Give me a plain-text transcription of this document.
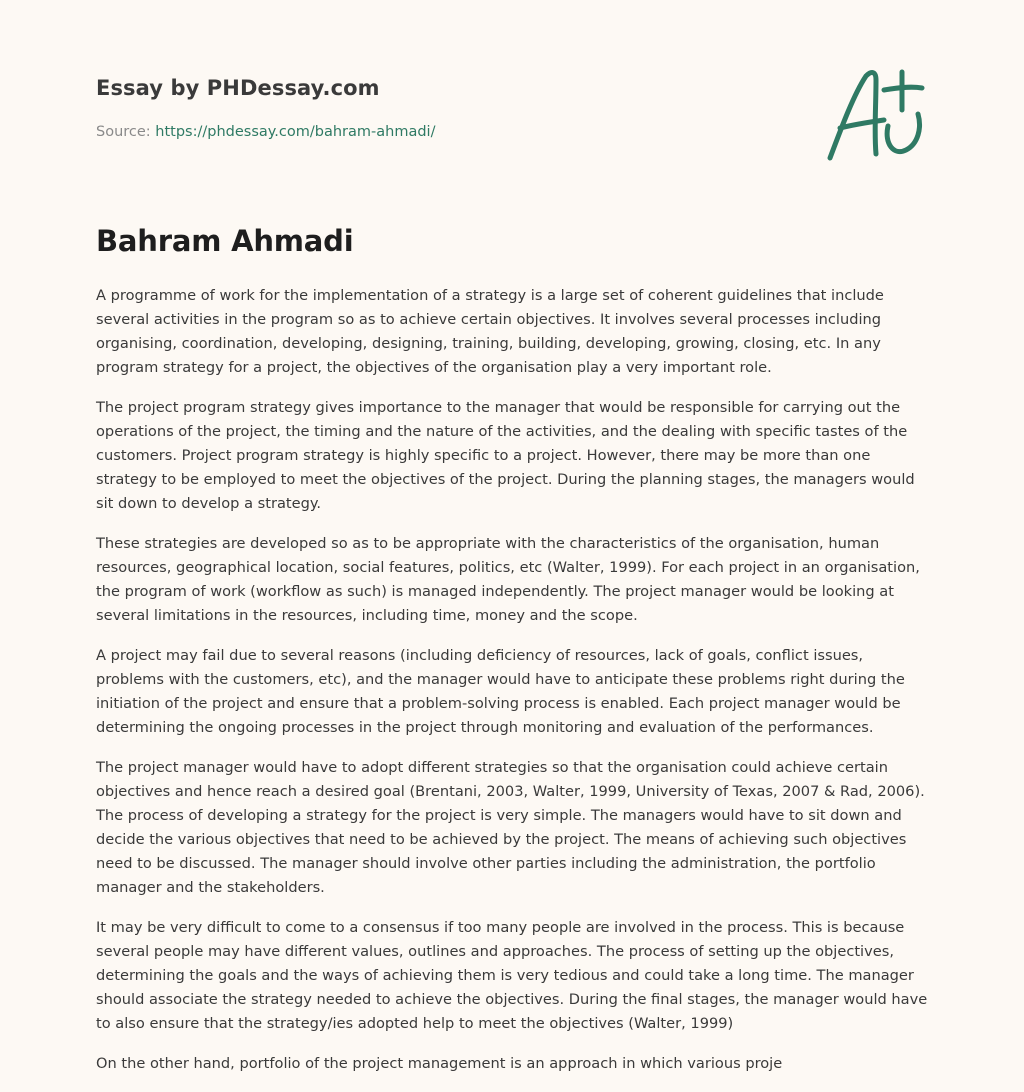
Essay by PHDessay.com
Source: https://phdessay.com/bahram-ahmadi/
Bahram Ahmadi

A programme of work for the implementation of a strategy is a large set of coherent guidelines that include several activities in the program so as to achieve certain objectives. It involves several processes including organising, coordination, developing, designing, training, building, developing, growing, closing, etc. In any program strategy for a project, the objectives of the organisation play a very important role.

The project program strategy gives importance to the manager that would be responsible for carrying out the operations of the project, the timing and the nature of the activities, and the dealing with specific tastes of the customers. Project program strategy is highly specific to a project. However, there may be more than one strategy to be employed to meet the objectives of the project. During the planning stages, the managers would sit down to develop a strategy.

These strategies are developed so as to be appropriate with the characteristics of the organisation, human resources, geographical location, social features, politics, etc (Walter, 1999). For each project in an organisation, the program of work (workflow as such) is managed independently. The project manager would be looking at several limitations in the resources, including time, money and the scope.

A project may fail due to several reasons (including deficiency of resources, lack of goals, conflict issues, problems with the customers, etc), and the manager would have to anticipate these problems right during the initiation of the project and ensure that a problem-solving process is enabled. Each project manager would be determining the ongoing processes in the project through monitoring and evaluation of the performances.

The project manager would have to adopt different strategies so that the organisation could achieve certain objectives and hence reach a desired goal (Brentani, 2003, Walter, 1999, University of Texas, 2007 & Rad, 2006). The process of developing a strategy for the project is very simple. The managers would have to sit down and decide the various objectives that need to be achieved by the project. The means of achieving such objectives need to be discussed. The manager should involve other parties including the administration, the portfolio manager and the stakeholders.

It may be very difficult to come to a consensus if too many people are involved in the process. This is because several people may have different values, outlines and approaches. The process of setting up the objectives, determining the goals and the ways of achieving them is very tedious and could take a long time. The manager should associate the strategy needed to achieve the objectives. During the final stages, the manager would have to also ensure that the strategy/ies adopted help to meet the objectives (Walter, 1999)

On the other hand, portfolio of the project management is an approach in which various proje
